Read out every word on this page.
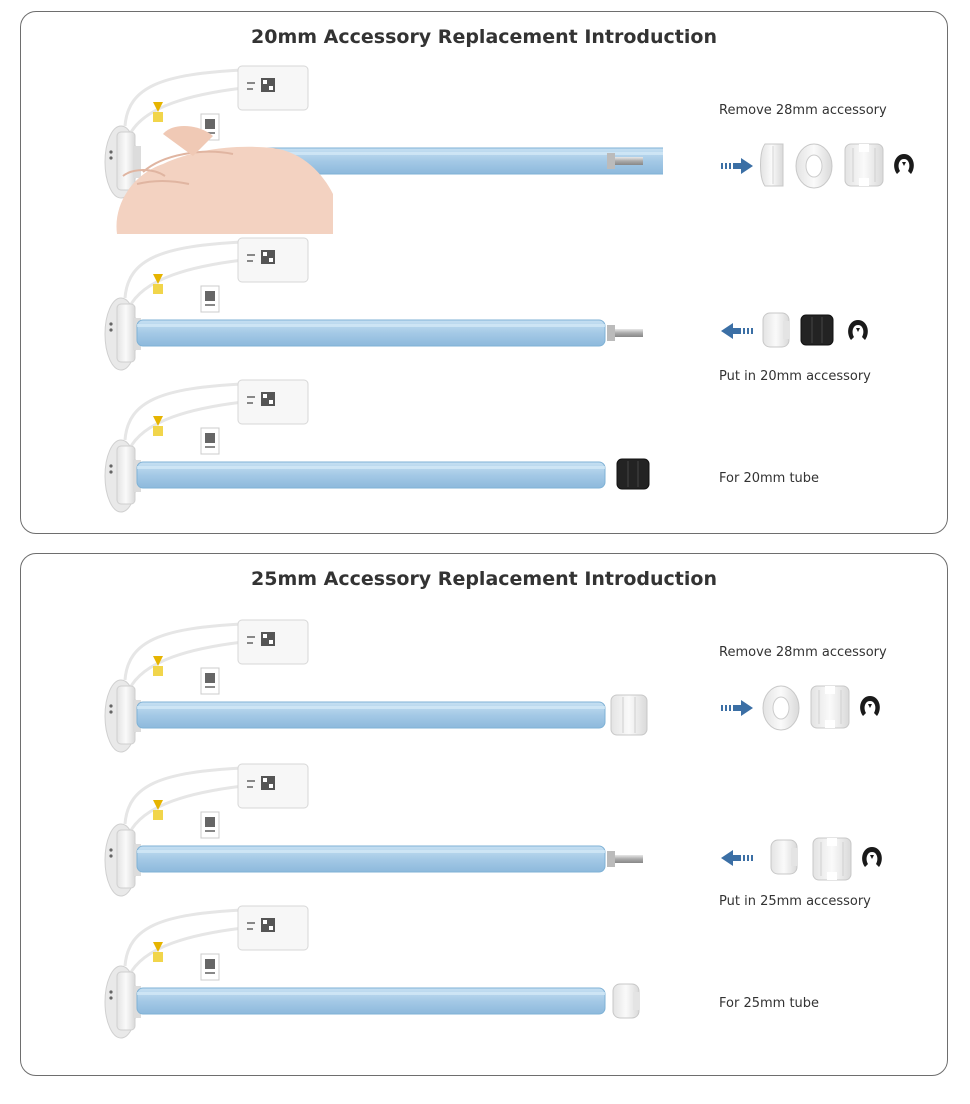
20mm Accessory Replacement Introduction
Remove 28mm accessory
Put in 20mm accessory
For 20mm tube
25mm Accessory Replacement Introduction
Remove 28mm accessory
Put in 25mm accessory
For 25mm tube
